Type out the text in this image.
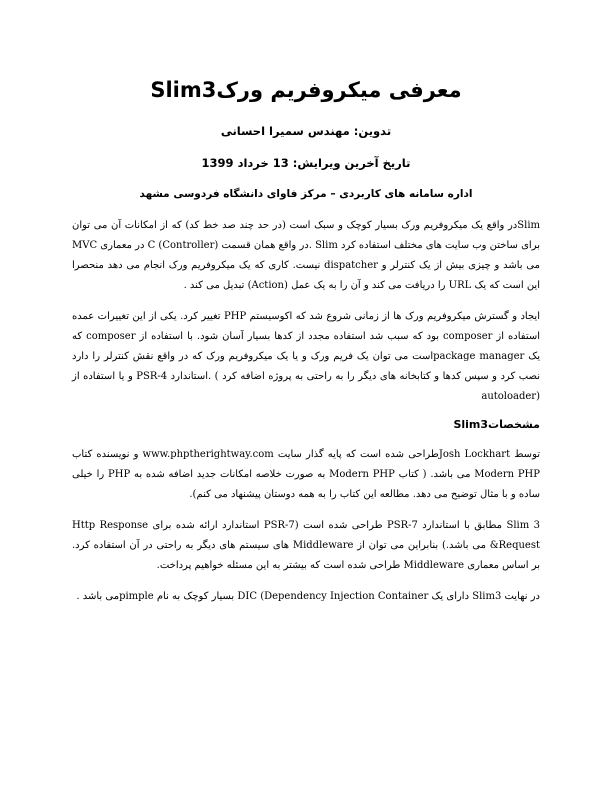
معرفی میکروفریم ورکSlim3
تدوین: مهندس سمیرا احسانی
تاریخ آخرین ویرایش: 13 خرداد 1399
اداره سامانه های کاربردی – مرکز فاوای دانشگاه فردوسی مشهد

Slimدر واقع یک میکروفریم ورک بسیار کوچک و سبک است (در حد چند صد خط کد) که از امکانات آن می توان برای ساختن وب سایت های مختلف استفاده کرد Slim .در واقع همان قسمت C (Controller) در معماری MVC می باشد و چیزی بیش از یک کنترلر و dispatcher نیست. کاری که یک میکروفریم ورک انجام می دهد منحصرا این است که یک URL را دریافت می کند و آن را به یک عمل (Action) تبدیل می کند .

ایجاد و گسترش میکروفریم ورک ها از زمانی شروع شد که اکوسیستم PHP تغییر کرد. یکی از این تغییرات عمده استفاده از composer بود که سبب شد استفاده مجدد از کدها بسیار آسان شود. با استفاده از composer که یک package managerاست می توان یک فریم ورک و یا یک میکروفریم ورک که در واقع نقش کنترلر را دارد نصب کرد و سپس کدها و کتابخانه های دیگر را به راحتی به پروژه اضافه کرد ) .استاندارد PSR-4 و یا استفاده از (autoloader

مشخصاتSlim3

توسط Josh Lockhartطراحی شده است که پایه گذار سایت www.phptherightway.com و نویسنده کتاب Modern PHP می باشد. ( کتاب Modern PHP به صورت خلاصه امکانات جدید اضافه شده به PHP را خیلی ساده و با مثال توضیح می دهد. مطالعه این کتاب را به همه دوستان پیشنهاد می کنم).

Slim 3 مطابق با استاندارد PSR-7 طراحی شده است (PSR-7 استاندارد ارائه شده برای Http Response &Request می باشد.) بنابراین می توان از Middleware های سیستم های دیگر به راحتی در آن استفاده کرد. بر اساس معماری Middleware طراحی شده است که بیشتر به این مسئله خواهیم پرداخت.

در نهایت Slim3 دارای یک DIC (Dependency Injection Container بسیار کوچک به نام pimpleمی باشد .
